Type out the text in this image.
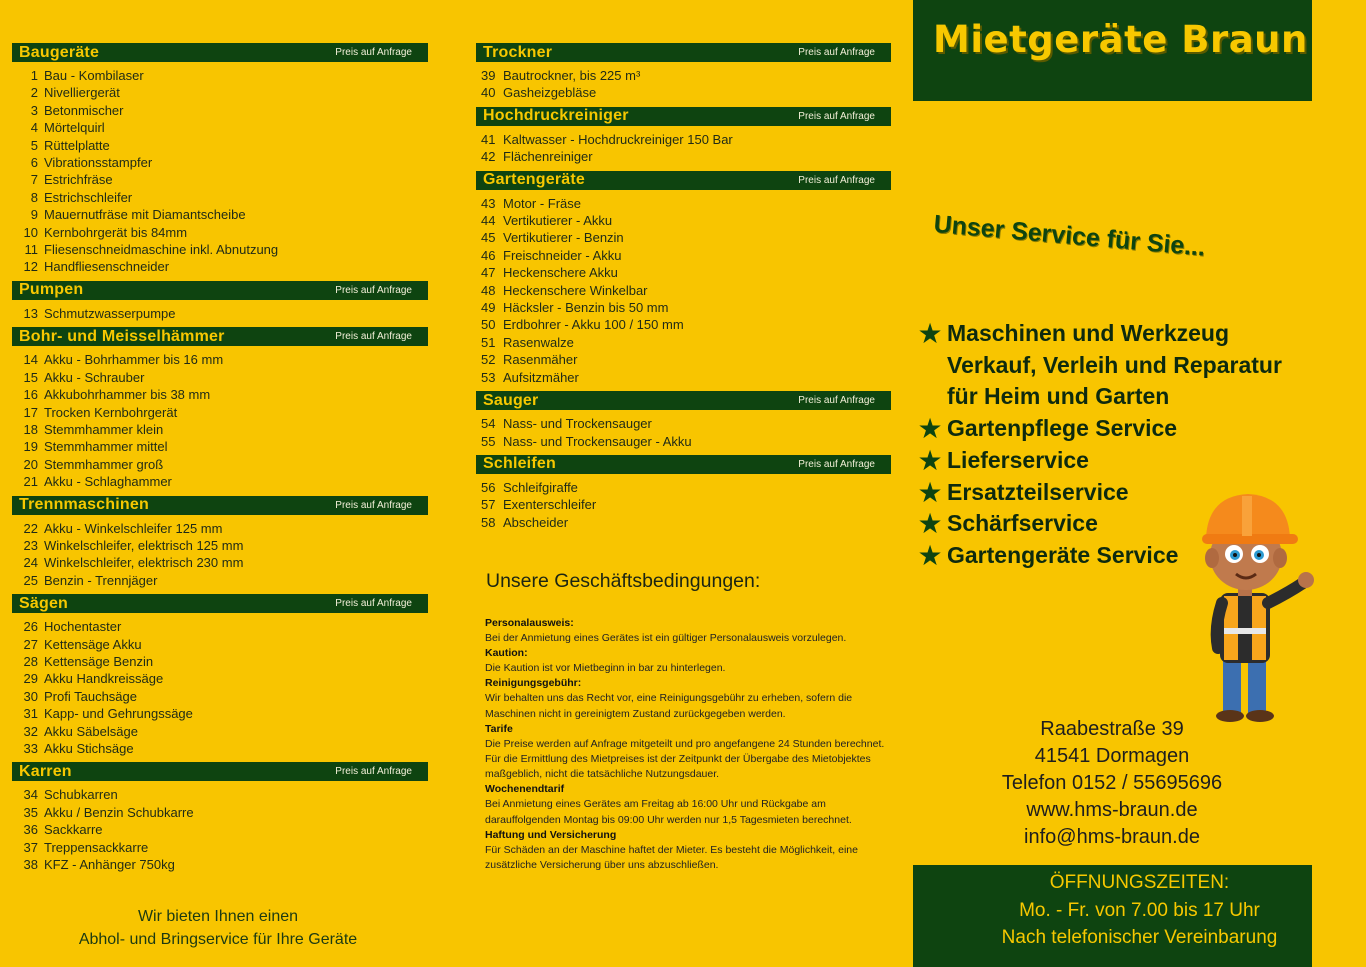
Baugeräte	Preis auf Anfrage
1 Bau - Kombilaser
2 Nivelliergerät
3 Betonmischer
4 Mörtelquirl
5 Rüttelplatte
6 Vibrationsstampfer
7 Estrichfräse
8 Estrichschleifer
9 Mauernutfräse mit Diamantscheibe
10 Kernbohrgerät bis 84mm
11 Fliesenschneidmaschine inkl. Abnutzung
12 Handfliesenschneider
Pumpen	Preis auf Anfrage
13 Schmutzwasserpumpe
Bohr- und Meisselhämmer	Preis auf Anfrage
14 Akku - Bohrhammer bis 16 mm
15 Akku - Schrauber
16 Akkubohrhammer bis 38 mm
17 Trocken Kernbohrgerät
18 Stemmhammer klein
19 Stemmhammer mittel
20 Stemmhammer groß
21 Akku - Schlaghammer
Trennmaschinen	Preis auf Anfrage
22 Akku - Winkelschleifer 125 mm
23 Winkelschleifer, elektrisch 125 mm
24 Winkelschleifer, elektrisch 230 mm
25 Benzin - Trennjäger
Sägen	Preis auf Anfrage
26 Hochentaster
27 Kettensäge Akku
28 Kettensäge Benzin
29 Akku Handkreissäge
30 Profi Tauchsäge
31 Kapp- und Gehrungssäge
32 Akku Säbelsäge
33 Akku Stichsäge
Karren	Preis auf Anfrage
34 Schubkarren
35 Akku / Benzin Schubkarre
36 Sackkarre
37 Treppensackkarre
38 KFZ - Anhänger 750kg
Trockner	Preis auf Anfrage
39 Bautrockner, bis 225 m³
40 Gasheizgebläse
Hochdruckreiniger	Preis auf Anfrage
41 Kaltwasser - Hochdruckreiniger 150 Bar
42 Flächenreiniger
Gartengeräte	Preis auf Anfrage
43 Motor - Fräse
44 Vertikutierer - Akku
45 Vertikutierer - Benzin
46 Freischneider - Akku
47 Heckenschere Akku
48 Heckenschere Winkelbar
49 Häcksler - Benzin bis 50 mm
50 Erdbohrer - Akku 100 / 150 mm
51 Rasenwalze
52 Rasenmäher
53 Aufsitzmäher
Sauger	Preis auf Anfrage
54 Nass- und Trockensauger
55 Nass- und Trockensauger - Akku
Schleifen	Preis auf Anfrage
56 Schleifgiraffe
57 Exenterschleifer
58 Abscheider
Wir bieten Ihnen einen
Abhol- und Bringservice für Ihre Geräte
Unsere Geschäftsbedingungen:
Personalausweis:
Bei der Anmietung eines Gerätes ist ein gültiger Personalausweis vorzulegen.
Kaution:
Die Kaution ist vor Mietbeginn in bar zu hinterlegen.
Reinigungsgebühr:
Wir behalten uns das Recht vor, eine Reinigungsgebühr zu erheben, sofern die Maschinen nicht in gereinigtem Zustand zurückgegeben werden.
Tarife
Die Preise werden auf Anfrage mitgeteilt und pro angefangene 24 Stunden berechnet. Für die Ermittlung des Mietpreises ist der Zeitpunkt der Übergabe des Mietobjektes maßgeblich, nicht die tatsächliche Nutzungsdauer.
Wochenendtarif
Bei Anmietung eines Gerätes am Freitag ab 16:00 Uhr und Rückgabe am darauffolgenden Montag bis 09:00 Uhr werden nur 1,5 Tagesmieten berechnet.
Haftung und Versicherung
Für Schäden an der Maschine haftet der Mieter. Es besteht die Möglichkeit, eine zusätzliche Versicherung über uns abzuschließen.
Mietgeräte Braun
Unser Service für Sie...
★ Maschinen und Werkzeug
Verkauf, Verleih und Reparatur
für Heim und Garten
★ Gartenpflege Service
★ Lieferservice
★ Ersatzteilservice
★ Schärfservice
★ Gartengeräte Service
Raabestraße 39
41541 Dormagen
Telefon 0152 / 55695696
www.hms-braun.de
info@hms-braun.de
ÖFFNUNGSZEITEN:
Mo. - Fr. von 7.00 bis 17 Uhr
Nach telefonischer Vereinbarung
